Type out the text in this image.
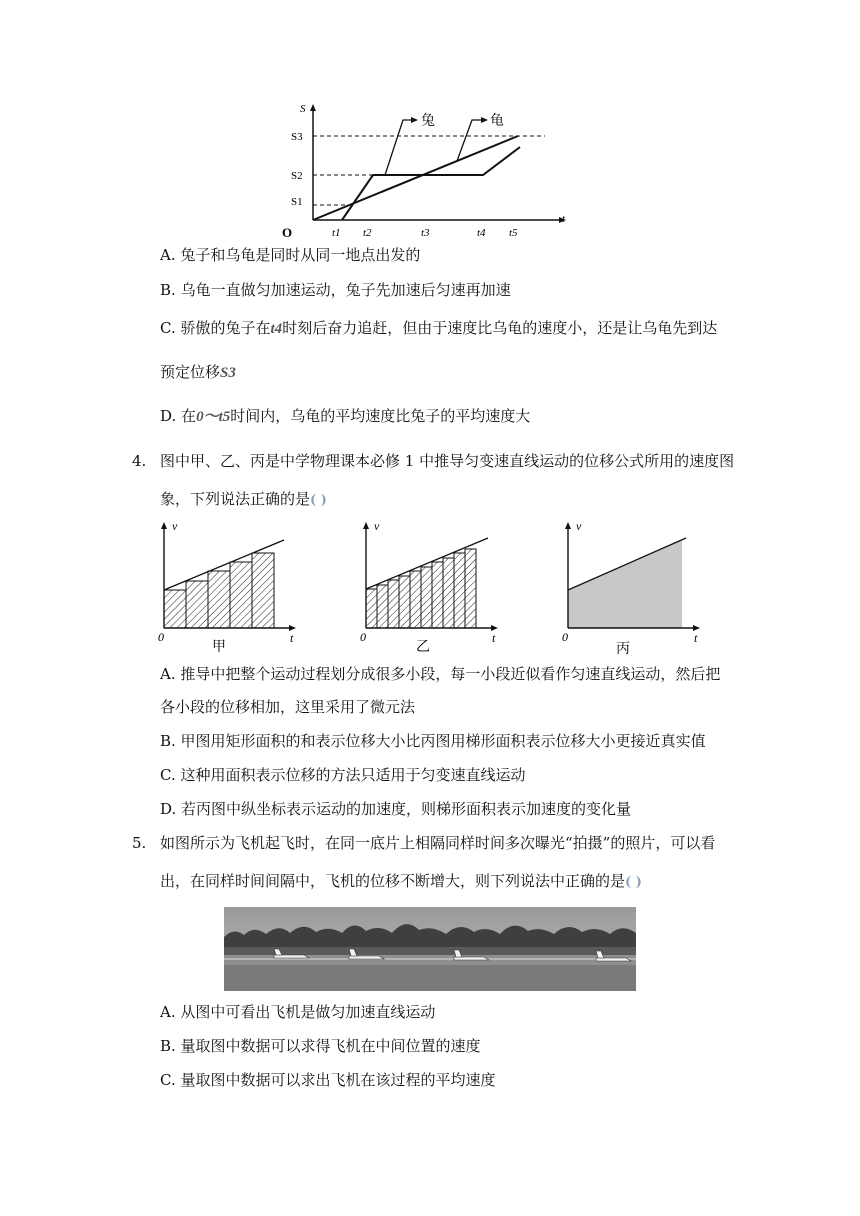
S
t
O
S3
S2
S1
t1 t2	t3	t4 t5
兔	龟
A. 兔子和乌龟是同时从同一地点出发的
B. 乌龟一直做匀加速运动，兔子先加速后匀速再加速
C. 骄傲的兔子在t4时刻后奋力追赶，但由于速度比乌龟的速度小，还是让乌龟先到达
预定位移S3
D. 在0～t5时间内，乌龟的平均速度比兔子的平均速度大
4. 图中甲、乙、丙是中学物理课本必修 1 中推导匀变速直线运动的位移公式所用的速度图
象，下列说法正确的是( )
v
0	t
甲
v
0	t
乙
v
0	t
丙
A. 推导中把整个运动过程划分成很多小段，每一小段近似看作匀速直线运动，然后把
各小段的位移相加，这里采用了微元法
B. 甲图用矩形面积的和表示位移大小比丙图用梯形面积表示位移大小更接近真实值
C. 这种用面积表示位移的方法只适用于匀变速直线运动
D. 若丙图中纵坐标表示运动的加速度，则梯形面积表示加速度的变化量
5. 如图所示为飞机起飞时，在同一底片上相隔同样时间多次曝光“拍摄”的照片，可以看
出，在同样时间间隔中，飞机的位移不断增大，则下列说法中正确的是( )
A. 从图中可看出飞机是做匀加速直线运动
B. 量取图中数据可以求得飞机在中间位置的速度
C. 量取图中数据可以求出飞机在该过程的平均速度
